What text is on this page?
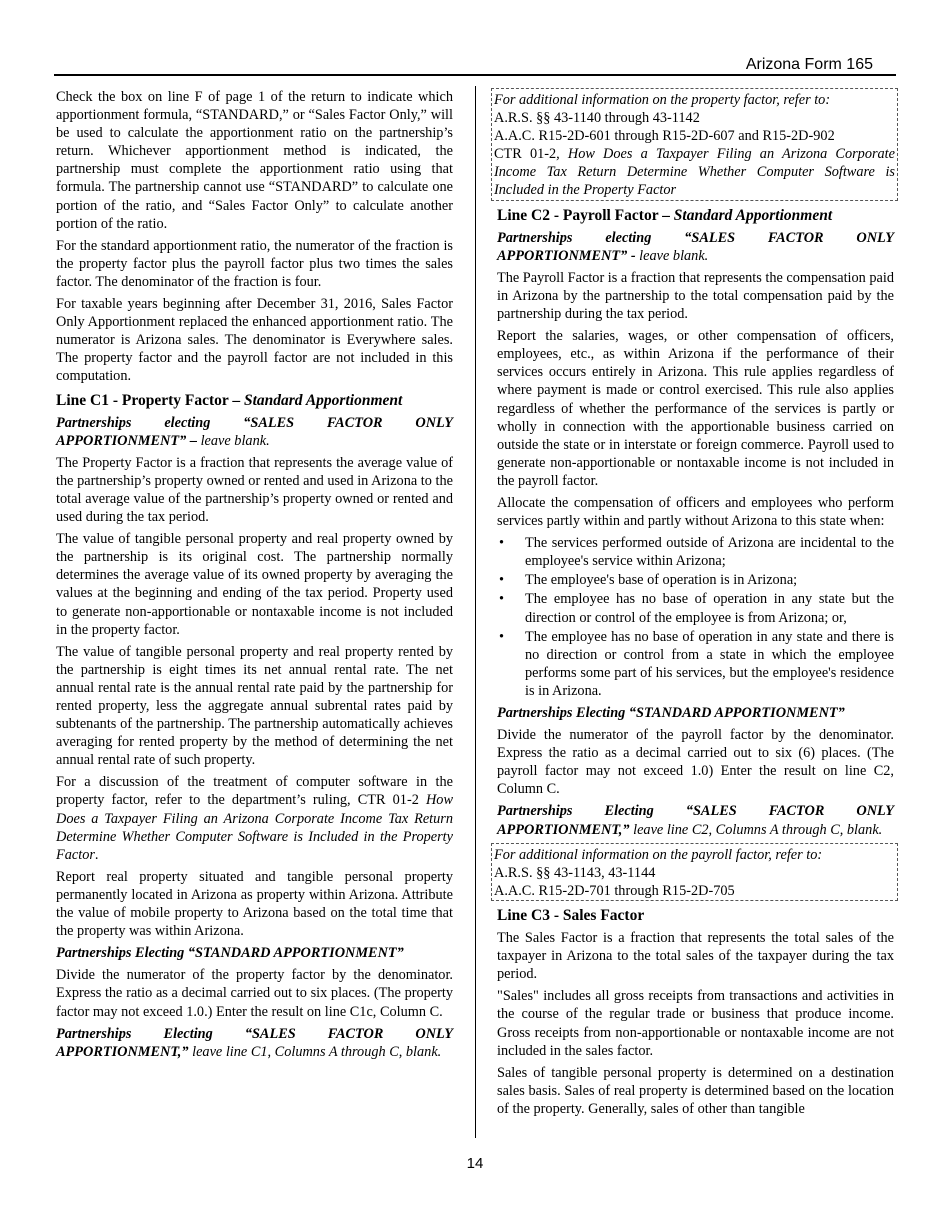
Arizona Form 165

Check the box on line F of page 1 of the return to indicate which apportionment formula, “STANDARD,” or “Sales Factor Only,” will be used to calculate the apportionment ratio on the partnership’s return. Whichever apportionment method is indicated, the partnership must complete the apportionment ratio using that formula. The partnership cannot use “STANDARD” to calculate one portion of the ratio, and “Sales Factor Only” to calculate another portion of the ratio.

For the standard apportionment ratio, the numerator of the fraction is the property factor plus the payroll factor plus two times the sales factor. The denominator of the fraction is four.

For taxable years beginning after December 31, 2016, Sales Factor Only Apportionment replaced the enhanced apportionment ratio. The numerator is Arizona sales. The denominator is Everywhere sales. The property factor and the payroll factor are not included in this computation.

Line C1 - Property Factor – Standard Apportionment

Partnerships electing “SALES FACTOR ONLY APPORTIONMENT” – leave blank.

The Property Factor is a fraction that represents the average value of the partnership’s property owned or rented and used in Arizona to the total average value of the partnership’s property owned or rented and used during the tax period.

The value of tangible personal property and real property owned by the partnership is its original cost. The partnership normally determines the average value of its owned property by averaging the values at the beginning and ending of the tax period. Property used to generate non-apportionable or nontaxable income is not included in the property factor.

The value of tangible personal property and real property rented by the partnership is eight times its net annual rental rate. The net annual rental rate is the annual rental rate paid by the partnership for rented property, less the aggregate annual subrental rates paid by subtenants of the partnership. The partnership automatically achieves averaging for rented property by the method of determining the net annual rental rate of such property.

For a discussion of the treatment of computer software in the property factor, refer to the department’s ruling, CTR 01-2 How Does a Taxpayer Filing an Arizona Corporate Income Tax Return Determine Whether Computer Software is Included in the Property Factor.

Report real property situated and tangible personal property permanently located in Arizona as property within Arizona. Attribute the value of mobile property to Arizona based on the total time that the property was within Arizona.

Partnerships Electing “STANDARD APPORTIONMENT”

Divide the numerator of the property factor by the denominator. Express the ratio as a decimal carried out to six places. (The property factor may not exceed 1.0.) Enter the result on line C1c, Column C.

Partnerships Electing “SALES FACTOR ONLY APPORTIONMENT,” leave line C1, Columns A through C, blank.

For additional information on the property factor, refer to:
A.R.S. §§ 43-1140 through 43-1142
A.A.C. R15-2D-601 through R15-2D-607 and R15-2D-902
CTR 01-2, How Does a Taxpayer Filing an Arizona Corporate Income Tax Return Determine Whether Computer Software is Included in the Property Factor
Line C2 - Payroll Factor – Standard Apportionment

Partnerships electing “SALES FACTOR ONLY APPORTIONMENT” - leave blank.

The Payroll Factor is a fraction that represents the compensation paid in Arizona by the partnership to the total compensation paid by the partnership during the tax period.

Report the salaries, wages, or other compensation of officers, employees, etc., as within Arizona if the performance of their services occurs entirely in Arizona. This rule applies regardless of where payment is made or control exercised. This rule also applies regardless of whether the performance of the services is partly or wholly in connection with the apportionable business carried on outside the state or in interstate or foreign commerce. Payroll used to generate non-apportionable or nontaxable income is not included in the payroll factor.

Allocate the compensation of officers and employees who perform services partly within and partly without Arizona to this state when:

• The services performed outside of Arizona are incidental to the employee's service within Arizona;
• The employee's base of operation is in Arizona;
• The employee has no base of operation in any state but the direction or control of the employee is from Arizona; or,
• The employee has no base of operation in any state and there is no direction or control from a state in which the employee performs some part of his services, but the employee's residence is in Arizona.
Partnerships Electing “STANDARD APPORTIONMENT”

Divide the numerator of the payroll factor by the denominator. Express the ratio as a decimal carried out to six (6) places. (The payroll factor may not exceed 1.0) Enter the result on line C2, Column C.

Partnerships Electing “SALES FACTOR ONLY APPORTIONMENT,” leave line C2, Columns A through C, blank.

For additional information on the payroll factor, refer to:
A.R.S. §§ 43-1143, 43-1144
A.A.C. R15-2D-701 through R15-2D-705
Line C3 - Sales Factor

The Sales Factor is a fraction that represents the total sales of the taxpayer in Arizona to the total sales of the taxpayer during the tax period.

"Sales" includes all gross receipts from transactions and activities in the course of the regular trade or business that produce income. Gross receipts from non-apportionable or nontaxable income are not included in the sales factor.

Sales of tangible personal property is determined on a destination sales basis. Sales of real property is determined based on the location of the property. Generally, sales of other than tangible

14
